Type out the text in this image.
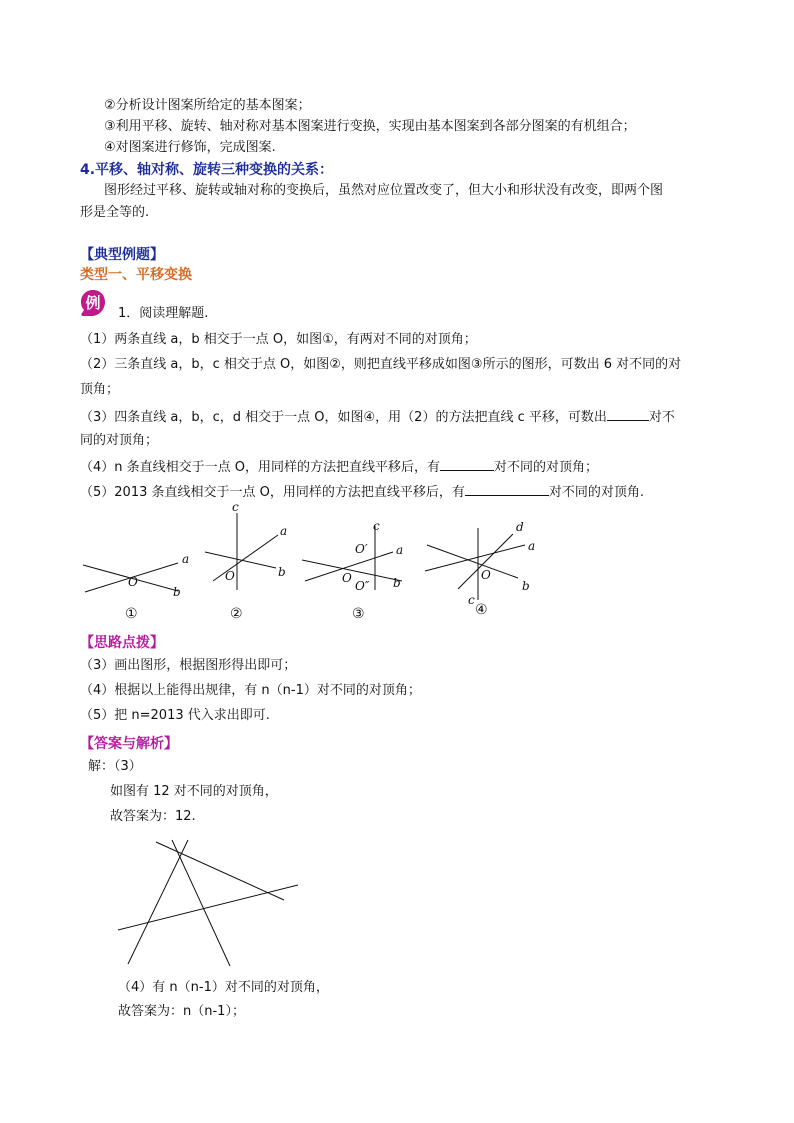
②分析设计图案所给定的基本图案；
③利用平移、旋转、轴对称对基本图案进行变换，实现由基本图案到各部分图案的有机组合；
④对图案进行修饰，完成图案.
4.平移、轴对称、旋转三种变换的关系：
图形经过平移、旋转或轴对称的变换后，虽然对应位置改变了，但大小和形状没有改变，即两个图
形是全等的.
【典型例题】
类型一、平移变换
例
1．阅读理解题.
（1）两条直线 a，b 相交于一点 O，如图①，有两对不同的对顶角；
（2）三条直线 a，b，c 相交于点 O，如图②，则把直线平移成如图③所示的图形，可数出 6 对不同的对
顶角；
（3）四条直线 a，b，c，d 相交于一点 O，如图④，用（2）的方法把直线 c 平移，可数出	对不
同的对顶角；
（4）n 条直线相交于一点 O，用同样的方法把直线平移后，有	对不同的对顶角；
（5）2013 条直线相交于一点 O，用同样的方法把直线平移后，有	对不同的对顶角.
a
b
O
c
a
b
O
c
a
b
O′
O
O″
d
a
b
c
O
①	②	③	④
【思路点拨】
（3）画出图形，根据图形得出即可；
（4）根据以上能得出规律，有 n（n-1）对不同的对顶角；
（5）把 n=2013 代入求出即可.
【答案与解析】
解：（3）
如图有 12 对不同的对顶角，
故答案为：12.
（4）有 n（n-1）对不同的对顶角，
故答案为：n（n-1）；
